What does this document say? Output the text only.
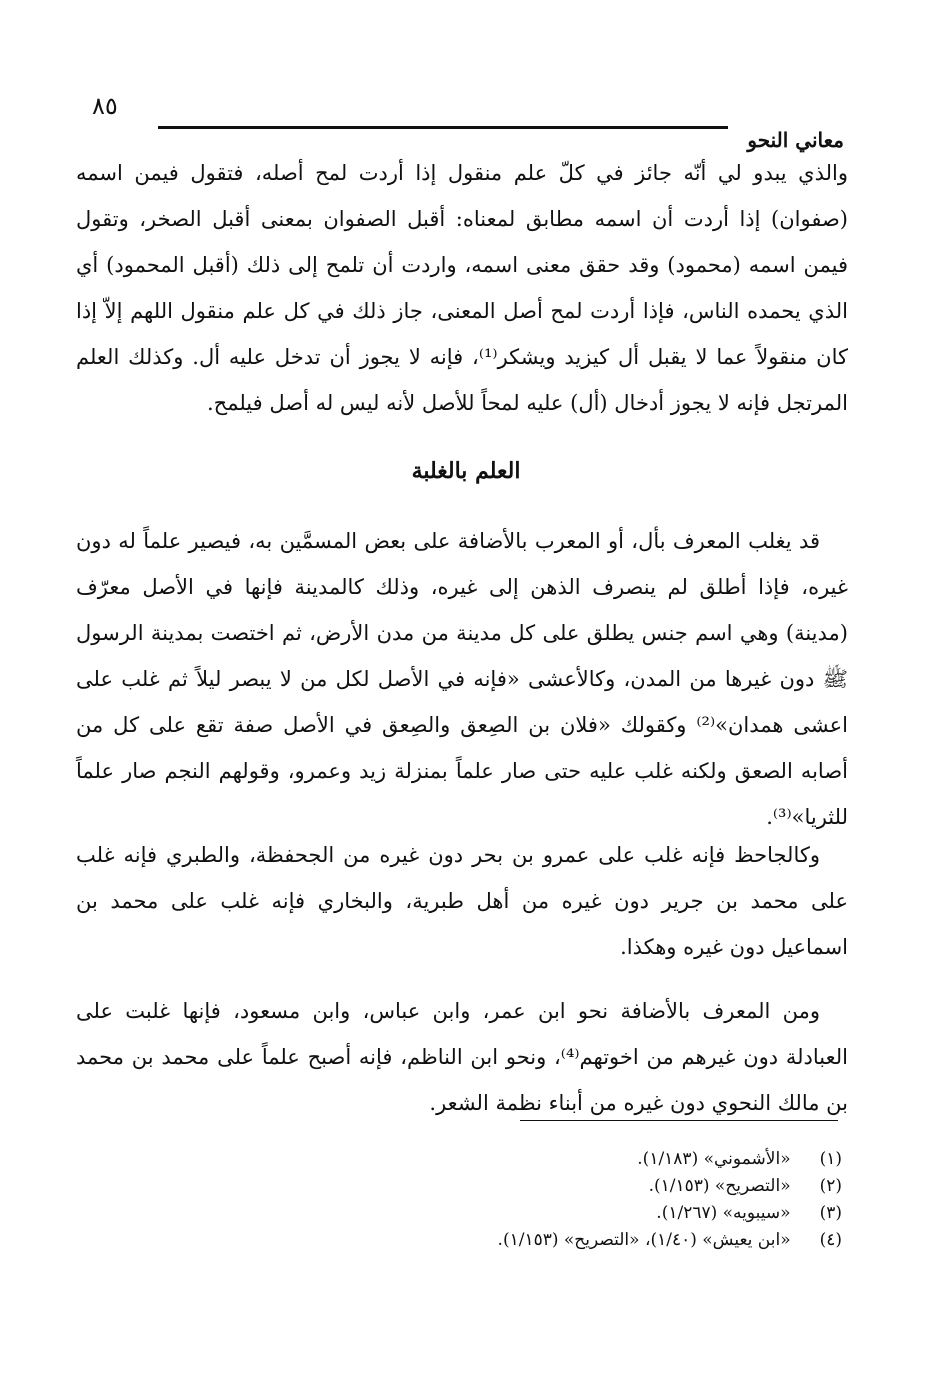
٨٥
معاني النحو

والذي يبدو لي أنّه جائز في كلّ علم منقول إذا أردت لمح أصله، فتقول فيمن اسمه (صفوان) إذا أردت أن اسمه مطابق لمعناه: أقبل الصفوان بمعنى أقبل الصخر، وتقول فيمن اسمه (محمود) وقد حقق معنى اسمه، واردت أن تلمح إلى ذلك (أقبل المحمود) أي الذي يحمده الناس، فإذا أردت لمح أصل المعنى، جاز ذلك في كل علم منقول اللهم إلاّ إذا كان منقولاً عما لا يقبل أل كيزيد ويشكر⁽¹⁾، فإنه لا يجوز أن تدخل عليه أل. وكذلك العلم المرتجل فإنه لا يجوز أدخال (أل) عليه لمحاً للأصل لأنه ليس له أصل فيلمح.

العلم بالغلبة

قد يغلب المعرف بأل، أو المعرب بالأضافة على بعض المسمَّين به، فيصير علماً له دون غيره، فإذا أطلق لم ينصرف الذهن إلى غيره، وذلك كالمدينة فإنها في الأصل معرّف (مدينة) وهي اسم جنس يطلق على كل مدينة من مدن الأرض، ثم اختصت بمدينة الرسول ﷺ دون غيرها من المدن، وكالأعشى «فإنه في الأصل لكل من لا يبصر ليلاً ثم غلب على اعشى همدان»⁽²⁾ وكقولك «فلان بن الصِعق والصِعق في الأصل صفة تقع على كل من أصابه الصعق ولكنه غلب عليه حتى صار علماً بمنزلة زيد وعمرو، وقولهم النجم صار علماً للثريا»⁽³⁾.

وكالجاحظ فإنه غلب على عمرو بن بحر دون غيره من الجحفظة، والطبري فإنه غلب على محمد بن جرير دون غيره من أهل طبرية، والبخاري فإنه غلب على محمد بن اسماعيل دون غيره وهكذا.

ومن المعرف بالأضافة نحو ابن عمر، وابن عباس، وابن مسعود، فإنها غلبت على العبادلة دون غيرهم من اخوتهم⁽⁴⁾، ونحو ابن الناظم، فإنه أصبح علماً على محمد بن محمد بن مالك النحوي دون غيره من أبناء نظمة الشعر.

(١) «الأشموني» (١/١٨٣).
(٢) «التصريح» (١/١٥٣).
(٣) «سيبويه» (١/٢٦٧).
(٤) «ابن يعيش» (١/٤٠)، «التصريح» (١/١٥٣).
